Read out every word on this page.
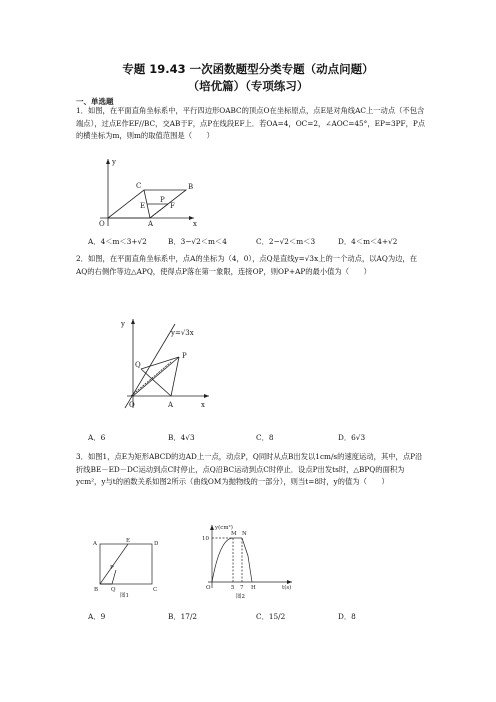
专题 19.43 一次函数题型分类专题（动点问题）
（培优篇）（专项练习）
一、单选题
1．如图，在平面直角坐标系中，平行四边形OABC的顶点O在坐标原点，点E是对角线AC上一动点（不包含端点），过点E作EF//BC，交AB于F，点P在线段EF上．若OA=4，OC=2，∠AOC=45°，EP=3PF，P点的横坐标为m，则m的取值范围是（　　）
y
C	B
E	F
P
O	A	x
A．4＜m＜3+√2	B．3−√2＜m＜4	C．2−√2＜m＜3	D．4＜m＜4+√2
2．如图，在平面直角坐标系中，点A的坐标为（4，0），点Q是直线y=√3x上的一个动点，以AQ为边，在AQ的右侧作等边△APQ，使得点P落在第一象限，连接OP，则OP+AP的最小值为（　　）
y
y=√3x
P
Q
O	A	x
A．6	B．4√3	C．8	D．6√3
3．如图1，点E为矩形ABCD的边AD上一点，动点P，Q同时从点B出发以1cm/s的速度运动，其中，点P沿折线BE－ED－DC运动到点C时停止，点Q沿BC运动到点C时停止．设点P出发ts时，△BPQ的面积为ycm²，y与t的函数关系如图2所示（曲线OM为抛物线的一部分），则当t=8时，y的值为（　　）
A	E	D
P
B Q	C
图1
y(cm²)
M N
10
O	5 7 H	t(s)
图2
A．9	B．17/2	C．15/2	D．8
